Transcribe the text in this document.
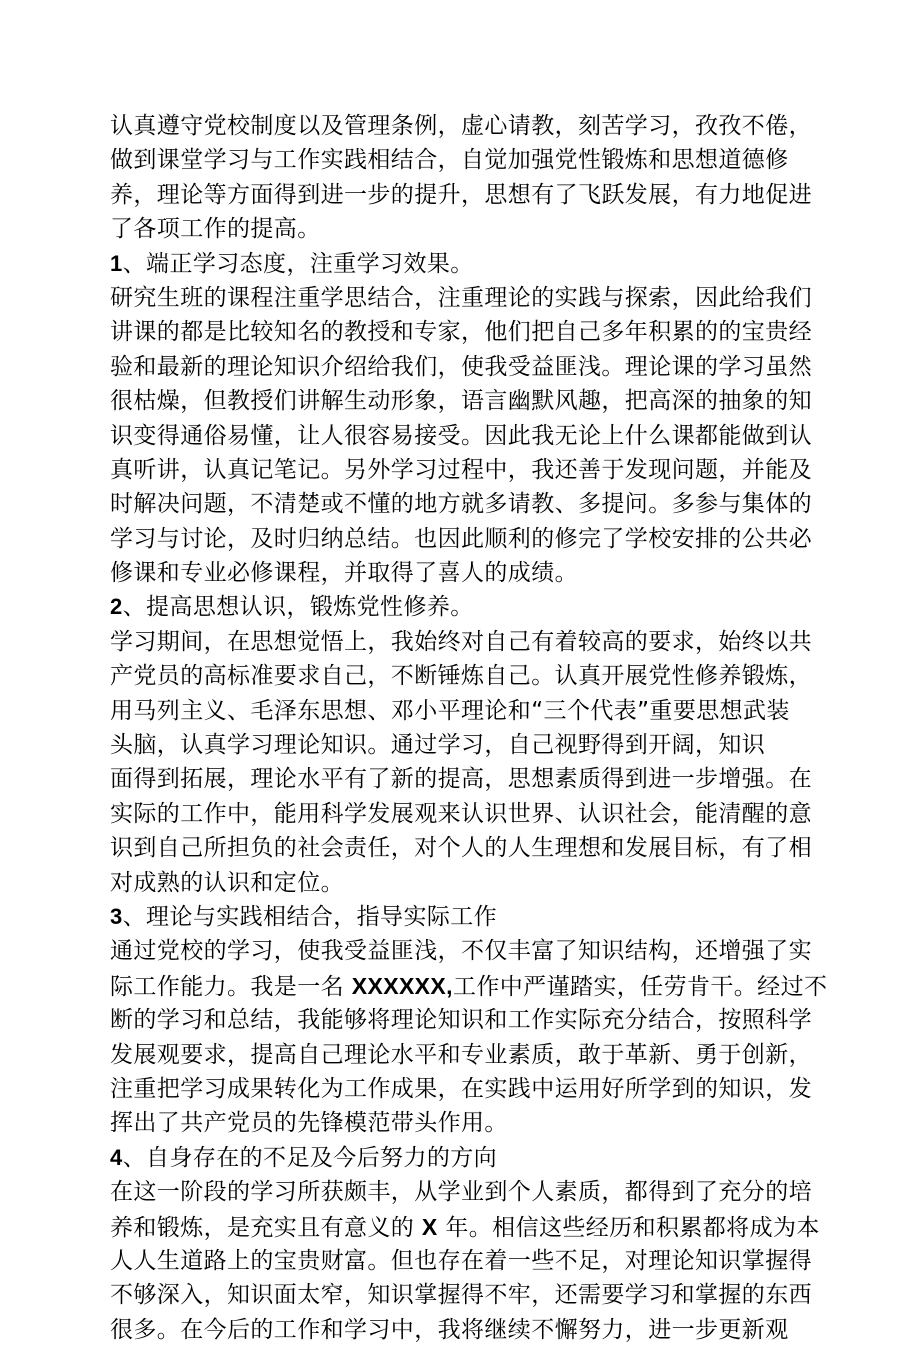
认真遵守党校制度以及管理条例，虚心请教，刻苦学习，孜孜不倦，
做到课堂学习与工作实践相结合，自觉加强党性锻炼和思想道德修
养，理论等方面得到进一步的提升，思想有了飞跃发展，有力地促进
了各项工作的提高。
1、端正学习态度，注重学习效果。
研究生班的课程注重学思结合，注重理论的实践与探索，因此给我们
讲课的都是比较知名的教授和专家，他们把自己多年积累的的宝贵经
验和最新的理论知识介绍给我们，使我受益匪浅。理论课的学习虽然
很枯燥，但教授们讲解生动形象，语言幽默风趣，把高深的抽象的知
识变得通俗易懂，让人很容易接受。因此我无论上什么课都能做到认
真听讲，认真记笔记。另外学习过程中，我还善于发现问题，并能及
时解决问题，不清楚或不懂的地方就多请教、多提问。多参与集体的
学习与讨论，及时归纳总结。也因此顺利的修完了学校安排的公共必
修课和专业必修课程，并取得了喜人的成绩。
2、提高思想认识，锻炼党性修养。
学习期间，在思想觉悟上，我始终对自己有着较高的要求，始终以共
产党员的高标准要求自己，不断锤炼自己。认真开展党性修养锻炼，
用马列主义、毛泽东思想、邓小平理论和“三个代表”重要思想武装
头脑，认真学习理论知识。通过学习，自己视野得到开阔，知识
面得到拓展，理论水平有了新的提高，思想素质得到进一步增强。在
实际的工作中，能用科学发展观来认识世界、认识社会，能清醒的意
识到自己所担负的社会责任，对个人的人生理想和发展目标，有了相
对成熟的认识和定位。
3、理论与实践相结合，指导实际工作
通过党校的学习，使我受益匪浅，不仅丰富了知识结构，还增强了实
际工作能力。我是一名 XXXXXX,工作中严谨踏实，任劳肯干。经过不
断的学习和总结，我能够将理论知识和工作实际充分结合，按照科学
发展观要求，提高自己理论水平和专业素质，敢于革新、勇于创新，
注重把学习成果转化为工作成果，在实践中运用好所学到的知识，发
挥出了共产党员的先锋模范带头作用。
4、自身存在的不足及今后努力的方向
在这一阶段的学习所获颇丰，从学业到个人素质，都得到了充分的培
养和锻炼，是充实且有意义的 X 年。相信这些经历和积累都将成为本
人人生道路上的宝贵财富。但也存在着一些不足，对理论知识掌握得
不够深入，知识面太窄，知识掌握得不牢，还需要学习和掌握的东西
很多。在今后的工作和学习中，我将继续不懈努力，进一步更新观
